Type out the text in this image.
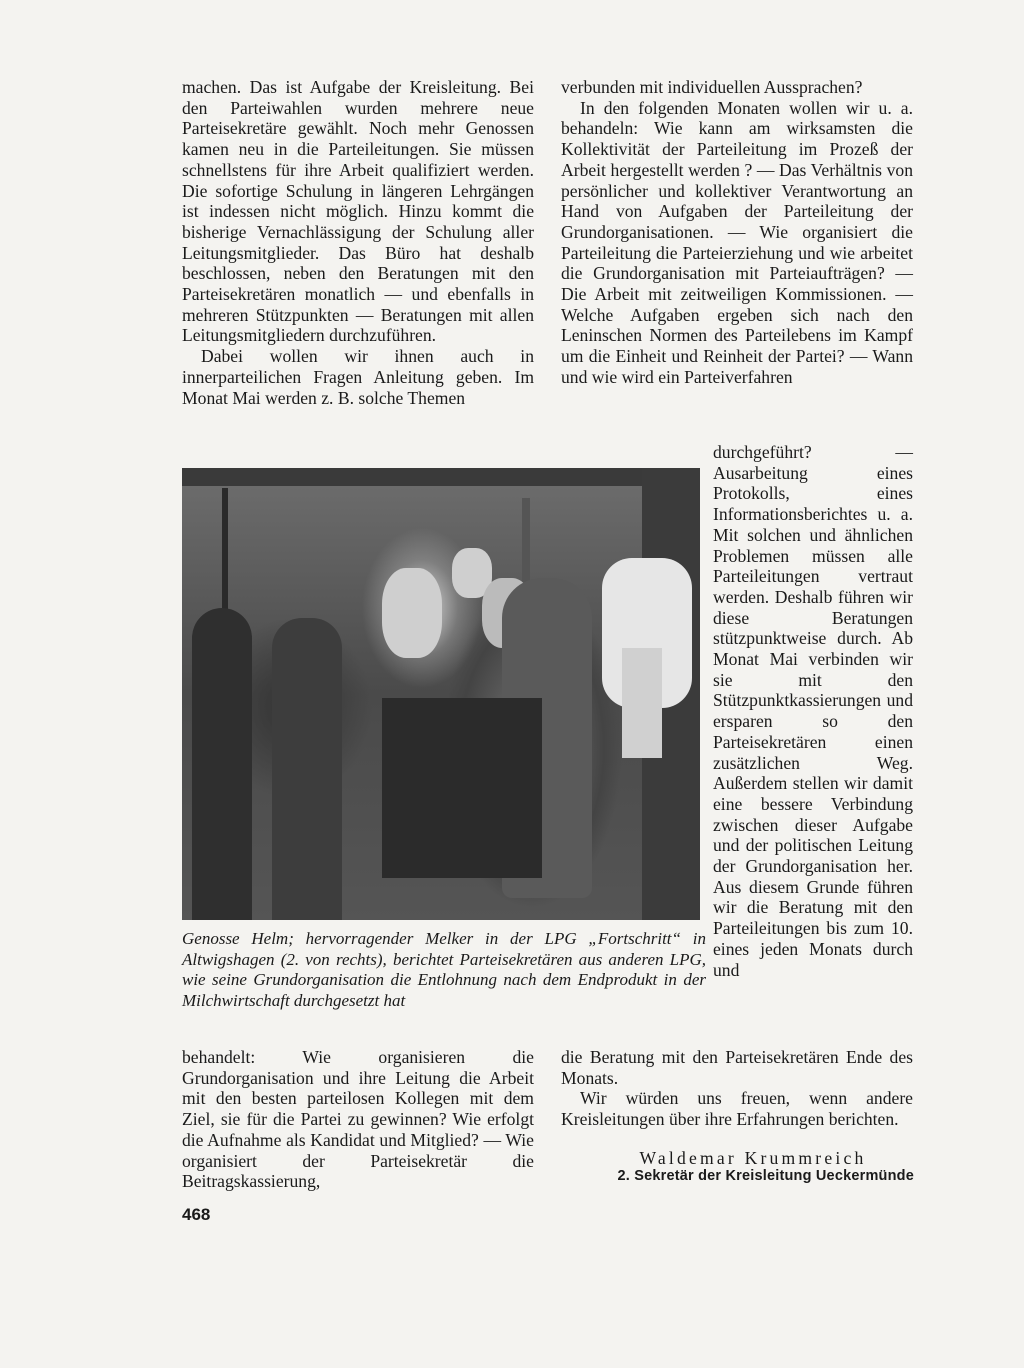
machen. Das ist Aufgabe der Kreisleitung. Bei den Parteiwahlen wurden mehrere neue Parteisekretäre gewählt. Noch mehr Genossen kamen neu in die Parteileitungen. Sie müssen schnellstens für ihre Arbeit qualifiziert werden. Die sofortige Schulung in längeren Lehrgängen ist indessen nicht möglich. Hinzu kommt die bisherige Vernachlässigung der Schulung aller Leitungsmitglieder. Das Büro hat deshalb beschlossen, neben den Beratungen mit den Parteisekretären monatlich — und ebenfalls in mehreren Stützpunkten — Beratungen mit allen Leitungsmitgliedern durchzuführen.

Dabei wollen wir ihnen auch in innerparteilichen Fragen Anleitung geben. Im Monat Mai werden z. B. solche Themen

verbunden mit individuellen Aussprachen?

In den folgenden Monaten wollen wir u. a. behandeln: Wie kann am wirksamsten die Kollektivität der Parteileitung im Prozeß der Arbeit hergestellt werden ? — Das Verhältnis von persönlicher und kollektiver Verantwortung an Hand von Aufgaben der Parteileitung der Grundorganisationen. — Wie organisiert die Parteileitung die Parteierziehung und wie arbeitet die Grundorganisation mit Parteiaufträgen? — Die Arbeit mit zeitweiligen Kommissionen. — Welche Aufgaben ergeben sich nach den Leninschen Normen des Parteilebens im Kampf um die Einheit und Reinheit der Partei? — Wann und wie wird ein Parteiverfahren

durchgeführt? — Ausarbeitung eines Protokolls, eines Informationsberichtes u. a. Mit solchen und ähnlichen Problemen müssen alle Parteileitungen vertraut werden. Deshalb führen wir diese Beratungen stützpunktweise durch. Ab Monat Mai verbinden wir sie mit den Stützpunktkassierungen und ersparen so den Parteisekretären einen zusätzlichen Weg. Außerdem stellen wir damit eine bessere Verbindung zwischen dieser Aufgabe und der politischen Leitung der Grundorganisation her. Aus diesem Grunde führen wir die Beratung mit den Parteileitungen bis zum 10. eines jeden Monats durch und

Genosse Helm; hervorragender Melker in der LPG „Fortschritt“ in Altwigshagen (2. von rechts), berichtet Parteisekretären aus anderen LPG, wie seine Grundorganisation die Entlohnung nach dem Endprodukt in der Milchwirtschaft durchgesetzt hat

behandelt: Wie organisieren die Grundorganisation und ihre Leitung die Arbeit mit den besten parteilosen Kollegen mit dem Ziel, sie für die Partei zu gewinnen? Wie erfolgt die Aufnahme als Kandidat und Mitglied? — Wie organisiert der Parteisekretär die Beitragskassierung,

die Beratung mit den Parteisekretären Ende des Monats.

Wir würden uns freuen, wenn andere Kreisleitungen über ihre Erfahrungen berichten.

Waldemar Krummreich
2. Sekretär der Kreisleitung Ueckermünde
468
